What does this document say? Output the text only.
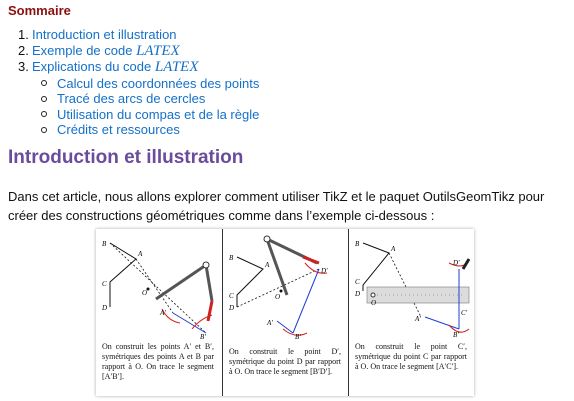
Sommaire
1. Introduction et illustration
2. Exemple de code LATEX
3. Explications du code LATEX
Calcul des coordonnées des points
Tracé des arcs de cercles
Utilisation du compas et de la règle
Crédits et ressources
Introduction et illustration
Dans cet article, nous allons explorer comment utiliser TikZ et le paquet OutilsGeomTikz pour créer des constructions géométriques comme dans l’exemple ci-dessous :
B
A
C
D
O
A′
B′
On construit les points A′ et B′, symétriques des points A et B par rapport à O. On trace le segment [A′B′].
B
A
C
D
O
D′
A′
B′
On construit le point D′, symétrique du point D par rapport à O. On trace le segment [B′D′].
B
A
C
D
O
D′
C′
A′
B′
On construit le point C′, symétrique du point C par rapport à O. On trace le segment [A′C′].
